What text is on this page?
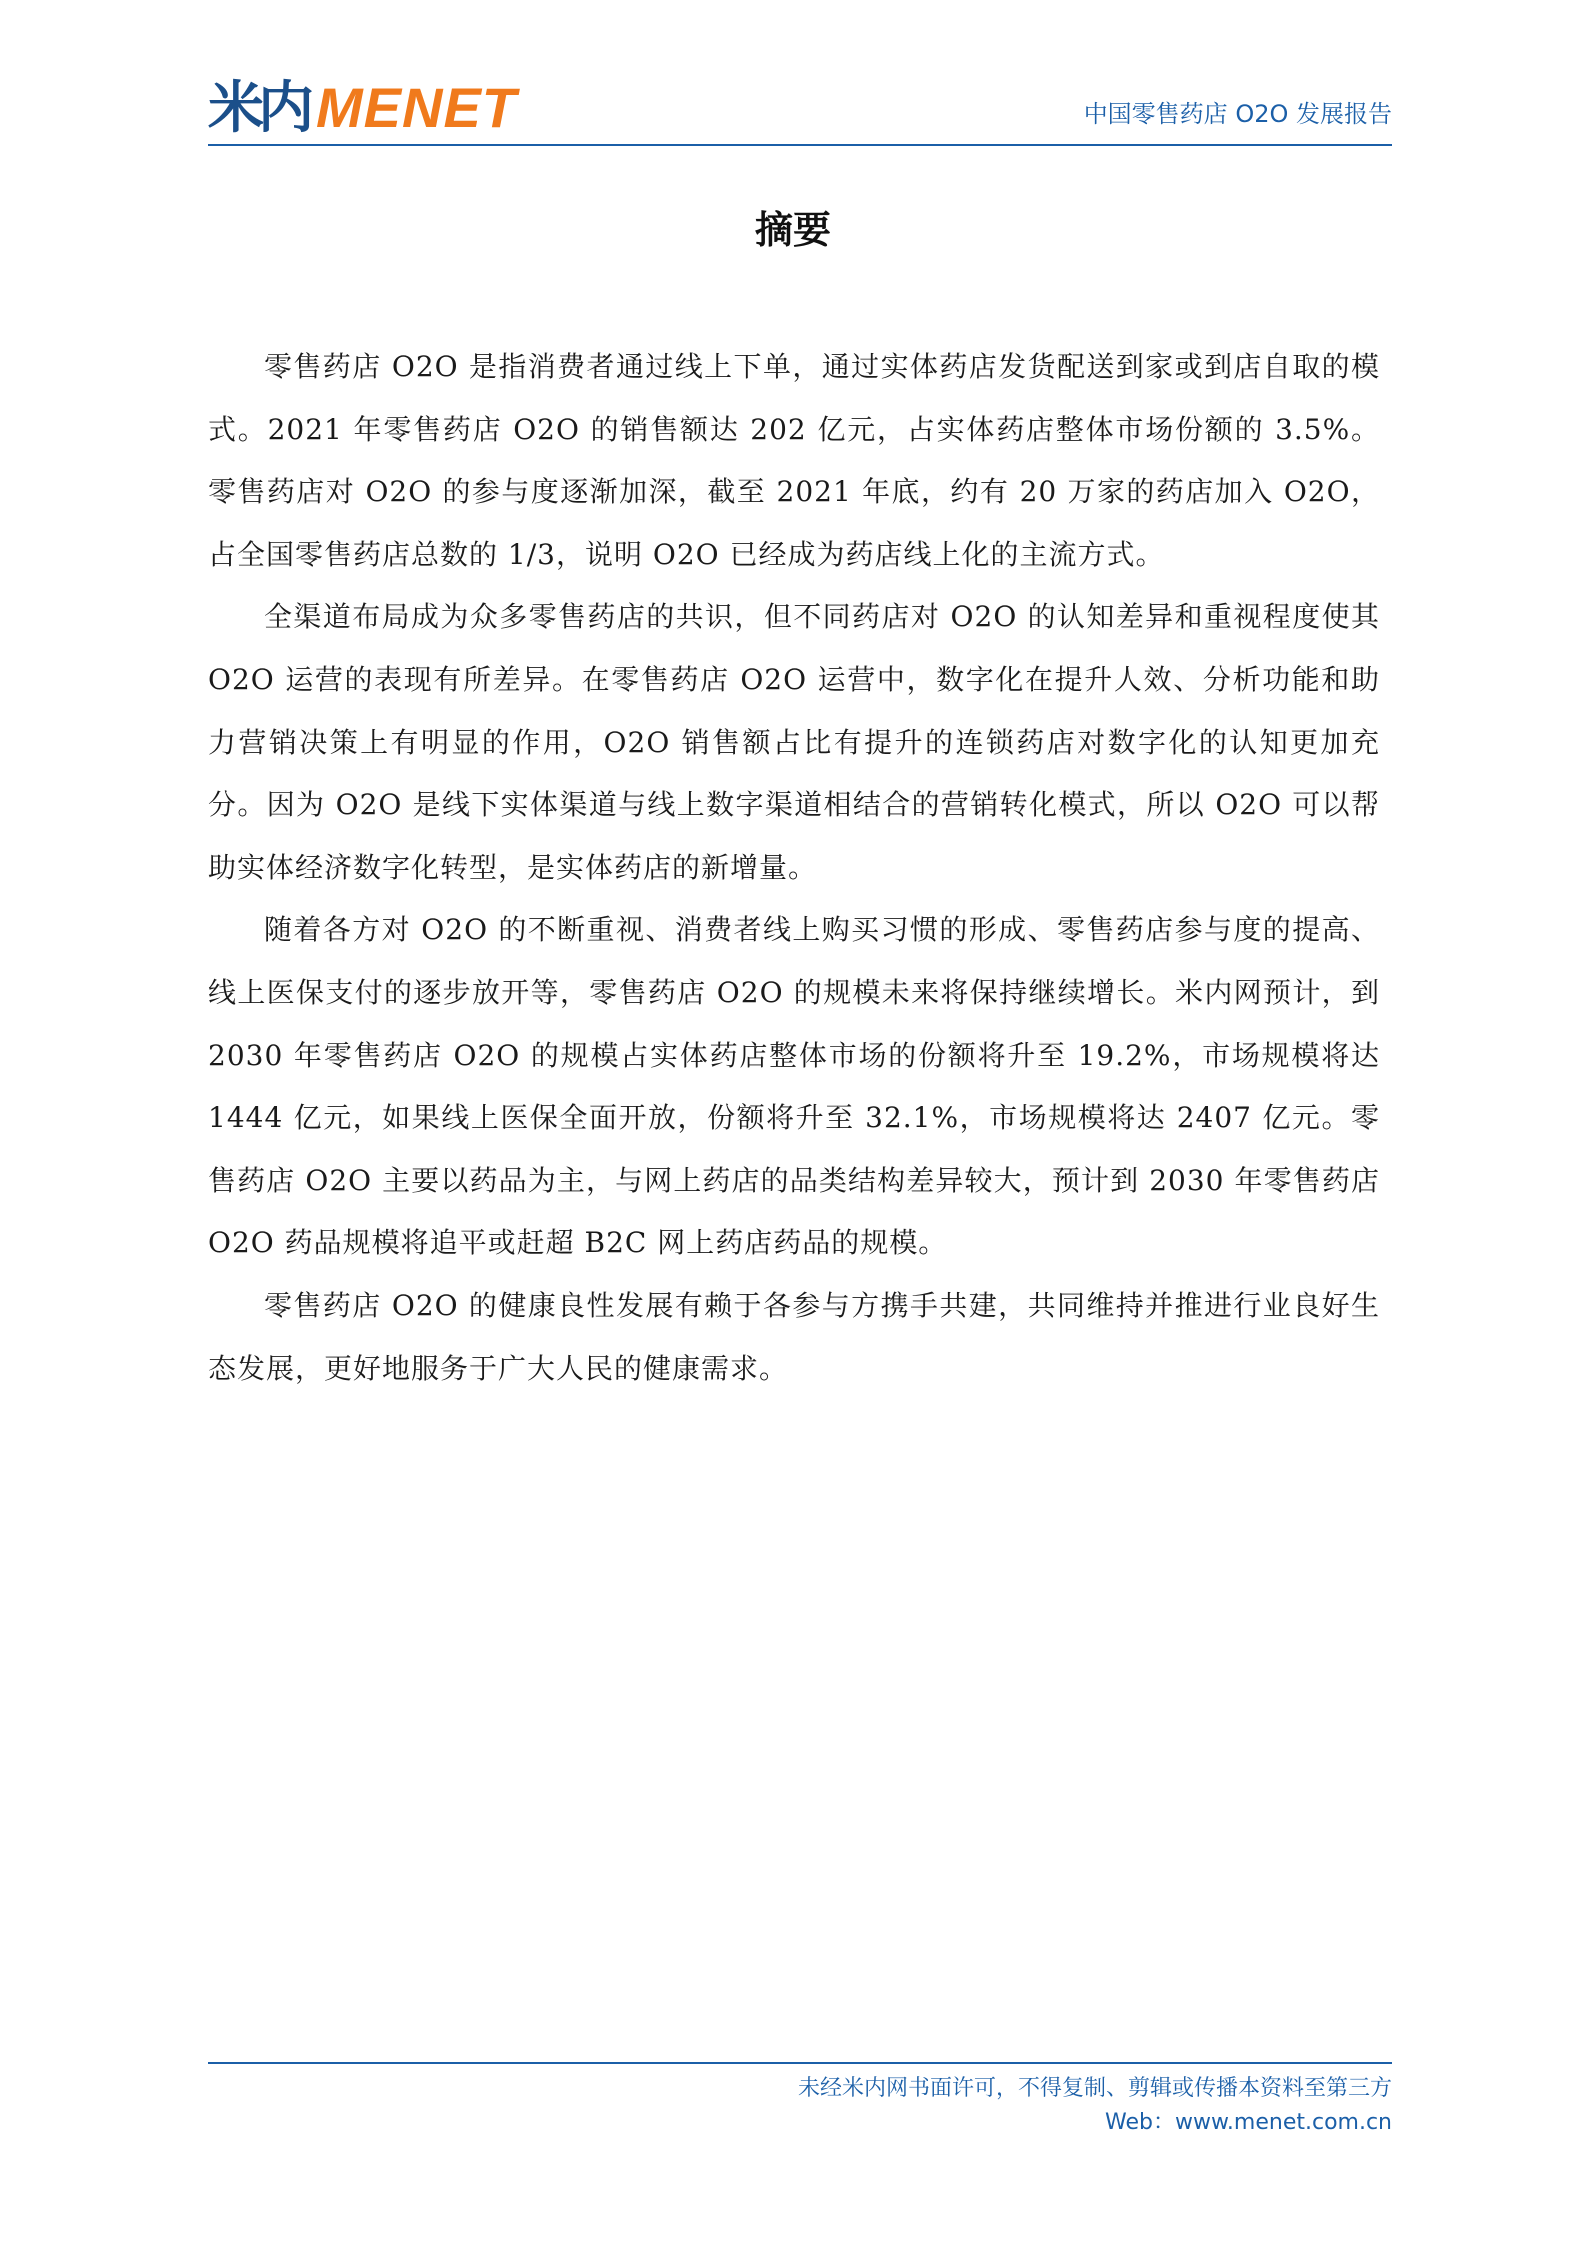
米内 MENET	中国零售药店 O2O 发展报告
摘要

零售药店 O2O 是指消费者通过线上下单，通过实体药店发货配送到家或到店自取的模式。2021 年零售药店 O2O 的销售额达 202 亿元，占实体药店整体市场份额的 3.5%。零售药店对 O2O 的参与度逐渐加深，截至 2021 年底，约有 20 万家的药店加入 O2O，占全国零售药店总数的 1/3，说明 O2O 已经成为药店线上化的主流方式。

全渠道布局成为众多零售药店的共识，但不同药店对 O2O 的认知差异和重视程度使其 O2O 运营的表现有所差异。在零售药店 O2O 运营中，数字化在提升人效、分析功能和助力营销决策上有明显的作用，O2O 销售额占比有提升的连锁药店对数字化的认知更加充分。因为 O2O 是线下实体渠道与线上数字渠道相结合的营销转化模式，所以 O2O 可以帮助实体经济数字化转型，是实体药店的新增量。

随着各方对 O2O 的不断重视、消费者线上购买习惯的形成、零售药店参与度的提高、线上医保支付的逐步放开等，零售药店 O2O 的规模未来将保持继续增长。米内网预计，到 2030 年零售药店 O2O 的规模占实体药店整体市场的份额将升至 19.2%，市场规模将达 1444 亿元，如果线上医保全面开放，份额将升至 32.1%，市场规模将达 2407 亿元。零售药店 O2O 主要以药品为主，与网上药店的品类结构差异较大，预计到 2030 年零售药店 O2O 药品规模将追平或赶超 B2C 网上药店药品的规模。

零售药店 O2O 的健康良性发展有赖于各参与方携手共建，共同维持并推进行业良好生态发展，更好地服务于广大人民的健康需求。

未经米内网书面许可，不得复制、剪辑或传播本资料至第三方
Web：www.menet.com.cn
